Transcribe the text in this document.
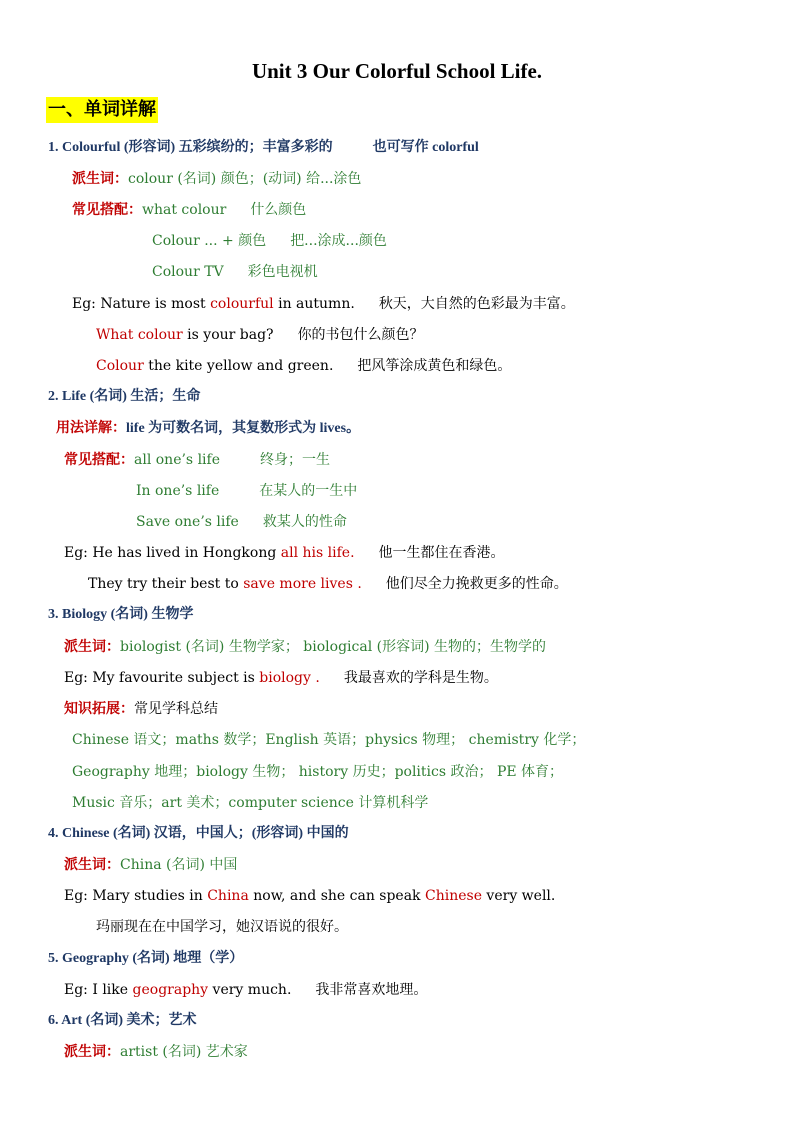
Unit 3 Our Colorful School Life.
一、单词详解
1. Colourful (形容词) 五彩缤纷的；丰富多彩的	也可写作 colorful
派生词：colour (名词) 颜色；(动词) 给...涂色
常见搭配：what colour 什么颜色
Colour ... + 颜色 把...涂成...颜色
Colour TV 彩色电视机
Eg: Nature is most colourful in autumn. 秋天，大自然的色彩最为丰富。
What colour is your bag? 你的书包什么颜色？
Colour the kite yellow and green. 把风筝涂成黄色和绿色。
2. Life (名词) 生活；生命
用法详解：life 为可数名词，其复数形式为 lives。
常见搭配：all one’s life	终身；一生
In one’s life	在某人的一生中
Save one’s life 救某人的性命
Eg: He has lived in Hongkong all his life. 他一生都住在香港。
They try their best to save more lives . 他们尽全力挽救更多的性命。
3. Biology (名词) 生物学
派生词：biologist (名词) 生物学家； biological (形容词) 生物的；生物学的
Eg: My favourite subject is biology . 我最喜欢的学科是生物。
知识拓展：常见学科总结
Chinese 语文；maths 数学；English 英语；physics 物理； chemistry 化学；
Geography 地理；biology 生物； history 历史；politics 政治； PE 体育；
Music 音乐；art 美术；computer science 计算机科学
4. Chinese (名词) 汉语，中国人；(形容词) 中国的
派生词：China (名词) 中国
Eg: Mary studies in China now, and she can speak Chinese very well.
玛丽现在在中国学习，她汉语说的很好。
5. Geography (名词) 地理（学）
Eg: I like geography very much. 我非常喜欢地理。
6. Art (名词) 美术；艺术
派生词：artist (名词) 艺术家
